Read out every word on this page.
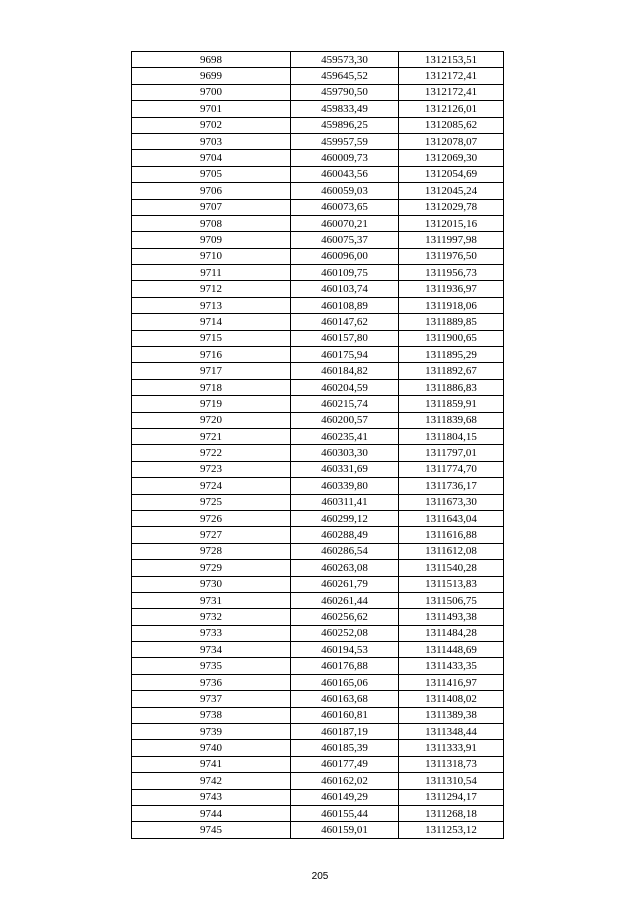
9698	459573,30	1312153,51
9699	459645,52	1312172,41
9700	459790,50	1312172,41
9701	459833,49	1312126,01
9702	459896,25	1312085,62
9703	459957,59	1312078,07
9704	460009,73	1312069,30
9705	460043,56	1312054,69
9706	460059,03	1312045,24
9707	460073,65	1312029,78
9708	460070,21	1312015,16
9709	460075,37	1311997,98
9710	460096,00	1311976,50
9711	460109,75	1311956,73
9712	460103,74	1311936,97
9713	460108,89	1311918,06
9714	460147,62	1311889,85
9715	460157,80	1311900,65
9716	460175,94	1311895,29
9717	460184,82	1311892,67
9718	460204,59	1311886,83
9719	460215,74	1311859,91
9720	460200,57	1311839,68
9721	460235,41	1311804,15
9722	460303,30	1311797,01
9723	460331,69	1311774,70
9724	460339,80	1311736,17
9725	460311,41	1311673,30
9726	460299,12	1311643,04
9727	460288,49	1311616,88
9728	460286,54	1311612,08
9729	460263,08	1311540,28
9730	460261,79	1311513,83
9731	460261,44	1311506,75
9732	460256,62	1311493,38
9733	460252,08	1311484,28
9734	460194,53	1311448,69
9735	460176,88	1311433,35
9736	460165,06	1311416,97
9737	460163,68	1311408,02
9738	460160,81	1311389,38
9739	460187,19	1311348,44
9740	460185,39	1311333,91
9741	460177,49	1311318,73
9742	460162,02	1311310,54
9743	460149,29	1311294,17
9744	460155,44	1311268,18
9745	460159,01	1311253,12
205
